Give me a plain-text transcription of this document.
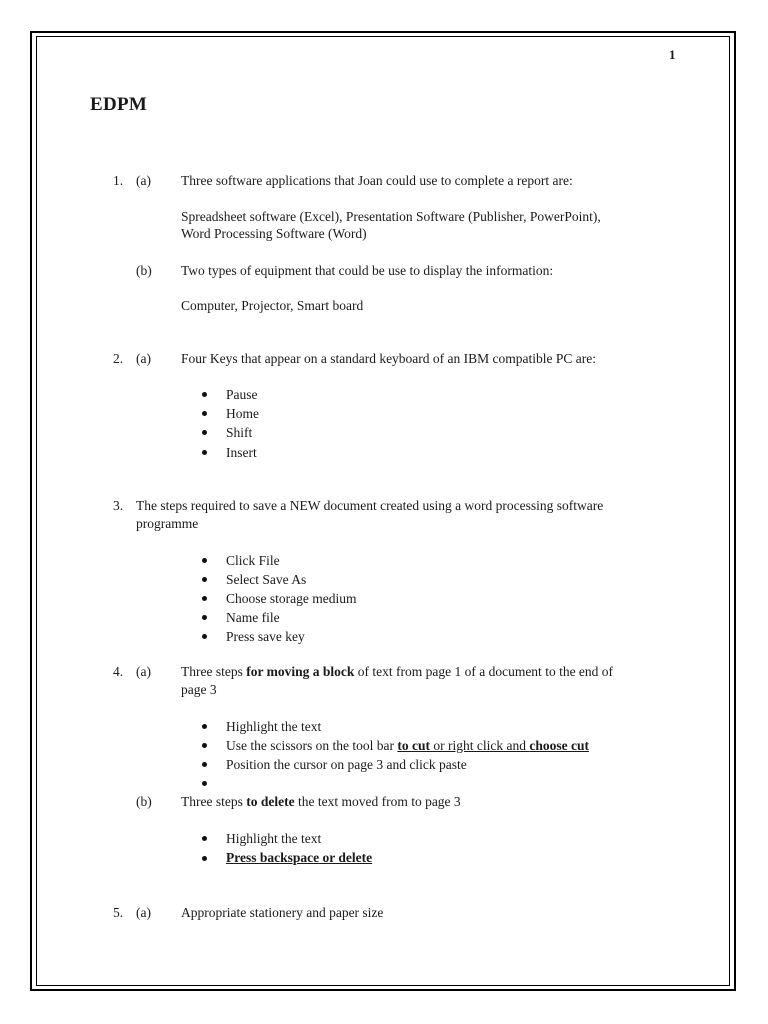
1
EDPM

1. (a) Three software applications that Joan could use to complete a report are:

Spreadsheet software (Excel), Presentation Software (Publisher, PowerPoint),

Word Processing Software (Word)

(b) Two types of equipment that could be use to display the information:

Computer, Projector, Smart board

2. (a) Four Keys that appear on a standard keyboard of an IBM compatible PC are:

Pause

Home

Shift

Insert

3. The steps required to save a NEW document created using a word processing software

programme

Click File

Select Save As

Choose storage medium

Name file

Press save key

4. (a) Three steps for moving a block of text from page 1 of a document to the end of

page 3

Highlight the text

Use the scissors on the tool bar to cut or right click and choose cut

Position the cursor on page 3 and click paste

(b) Three steps to delete the text moved from to page 3

Highlight the text

Press backspace or delete

5. (a) Appropriate stationery and paper size
